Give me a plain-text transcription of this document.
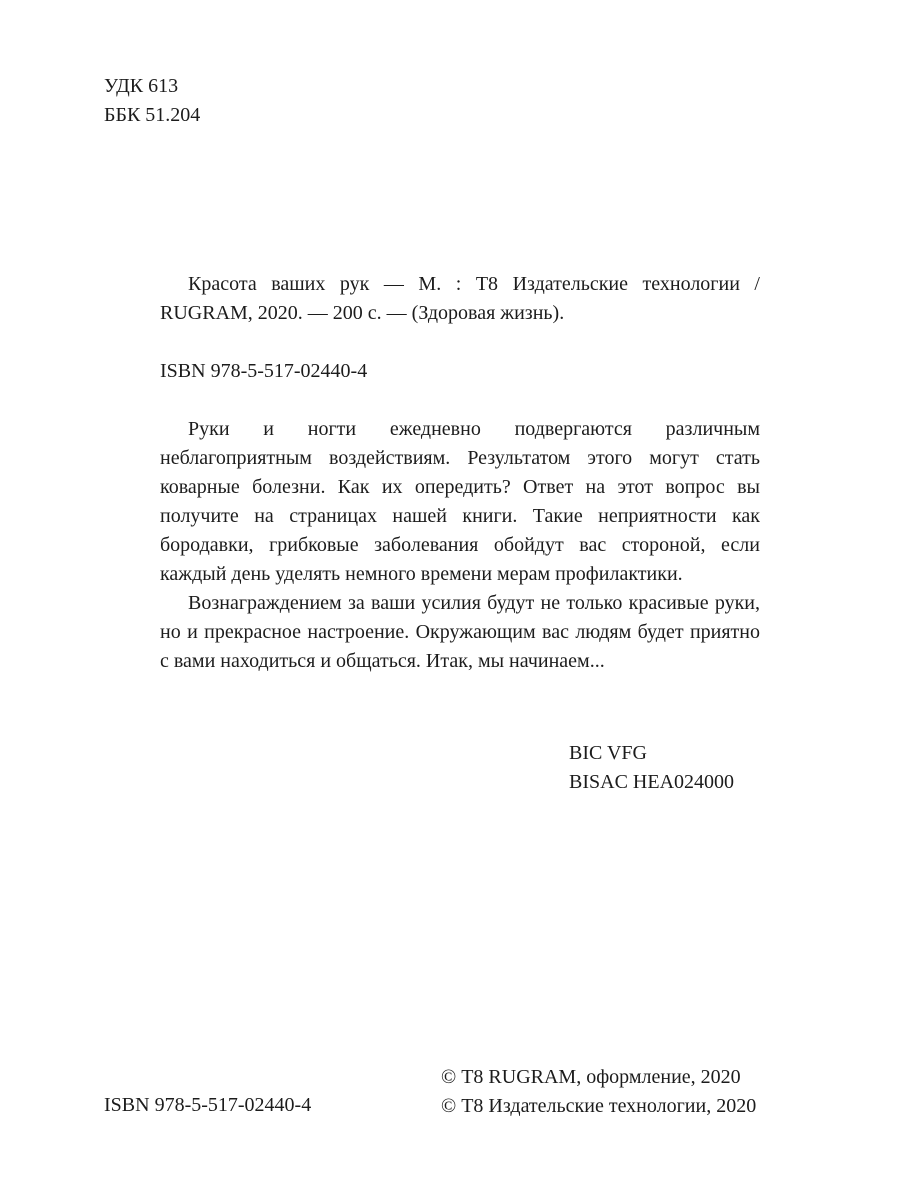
УДК 613
ББК 51.204

Красота ваших рук — М. : Т8 Издательские технологии / RUGRAM, 2020. — 200 с. — (Здоровая жизнь).

ISBN 978-5-517-02440-4

Руки и ногти ежедневно подвергаются различным неблагоприятным воздействиям. Результатом этого могут стать коварные болезни. Как их опередить? Ответ на этот вопрос вы получите на страницах нашей книги. Такие неприятности как бородавки, грибковые заболевания обойдут вас стороной, если каждый день уделять немного времени мерам профилактики.

Вознаграждением за ваши усилия будут не только красивые руки, но и прекрасное настроение. Окружающим вас людям будет приятно с вами находиться и общаться. Итак, мы начинаем...

BIC VFG
BISAC HEA024000
© Т8 RUGRAM, оформление, 2020
© Т8 Издательские технологии, 2020
ISBN 978-5-517-02440-4
